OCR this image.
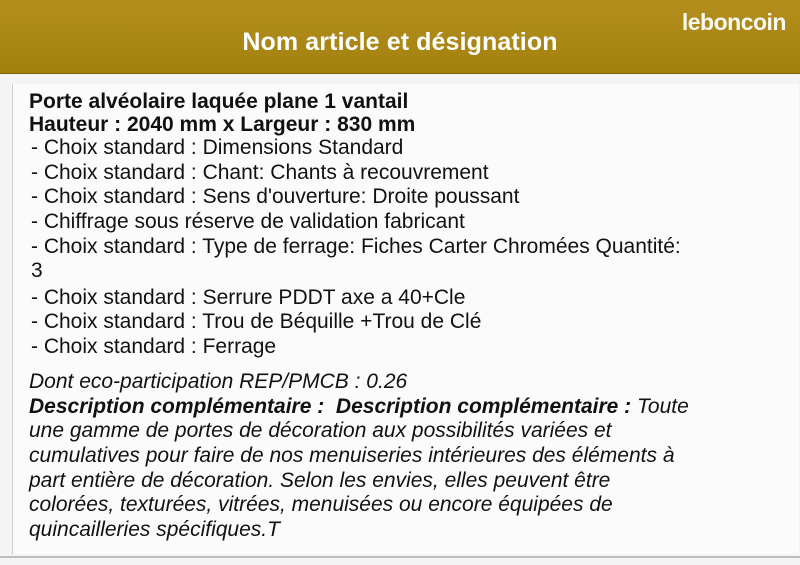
Nom article et désignation
leboncoin
Porte alvéolaire laquée plane 1 vantail
Hauteur : 2040 mm x Largeur : 830 mm
- Choix standard : Dimensions Standard
- Choix standard : Chant: Chants à recouvrement
- Choix standard : Sens d'ouverture: Droite poussant
- Chiffrage sous réserve de validation fabricant
- Choix standard : Type de ferrage: Fiches Carter Chromées Quantité:
3
- Choix standard : Serrure PDDT axe a 40+Cle
- Choix standard : Trou de Béquille +Trou de Clé
- Choix standard : Ferrage
Dont eco-participation REP/PMCB : 0.26
Description complémentaire : Description complémentaire : Toute
une gamme de portes de décoration aux possibilités variées et
cumulatives pour faire de nos menuiseries intérieures des éléments à
part entière de décoration. Selon les envies, elles peuvent être
colorées, texturées, vitrées, menuisées ou encore équipées de
quincailleries spécifiques.T
